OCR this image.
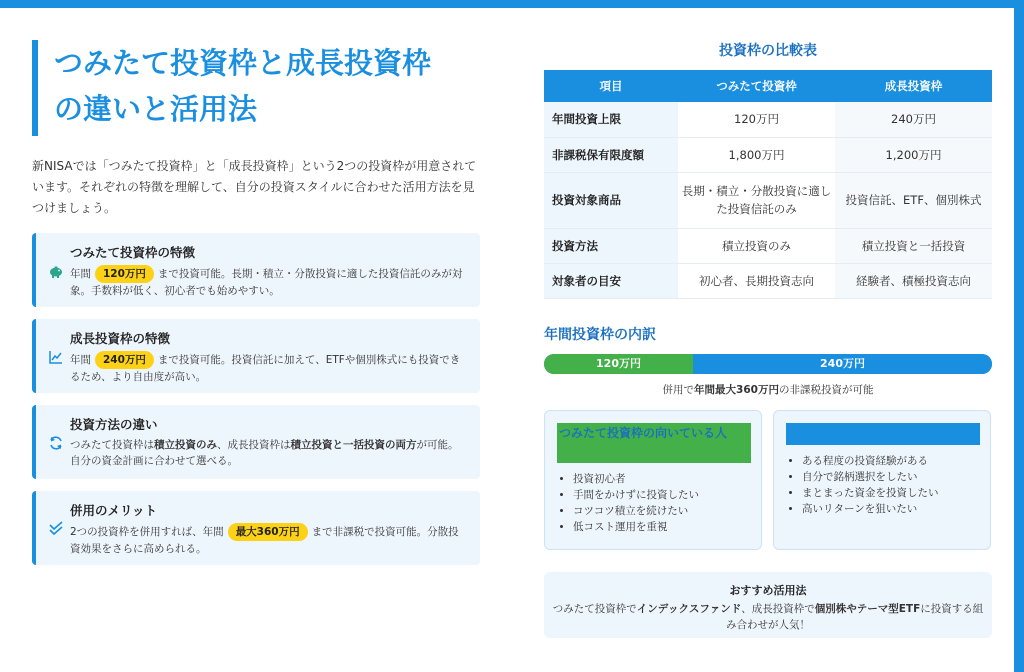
つみたて投資枠と成長投資枠
の違いと活用法

新NISAでは「つみたて投資枠」と「成長投資枠」という2つの投資枠が用意されています。それぞれの特徴を理解して、自分の投資スタイルに合わせた活用方法を見つけましょう。

つみたて投資枠の特徴

年間 120万円 まで投資可能。長期・積立・分散投資に適した投資信託のみが対象。手数料が低く、初心者でも始めやすい。

成長投資枠の特徴

年間 240万円 まで投資可能。投資信託に加えて、ETFや個別株式にも投資できるため、より自由度が高い。

投資方法の違い

つみたて投資枠は積立投資のみ、成長投資枠は積立投資と一括投資の両方が可能。自分の資金計画に合わせて選べる。

併用のメリット

2つの投資枠を併用すれば、年間 最大360万円 まで非課税で投資可能。分散投資効果をさらに高められる。

投資枠の比較表
項目	つみたて投資枠	成長投資枠
年間投資上限	120万円	240万円
非課税保有限度額	1,800万円	1,200万円
投資対象商品	長期・積立・分散投資に適した投資信託のみ	投資信託、ETF、個別株式
投資方法	積立投資のみ	積立投資と一括投資
対象者の目安	初心者、長期投資志向	経験者、積極投資志向
年間投資枠の内訳
120万円	240万円

併用で年間最大360万円の非課税投資が可能

つみたて投資枠の向いている人
• 投資初心者
• 手間をかけずに投資したい
• コツコツ積立を続けたい
• 低コスト運用を重視
• ある程度の投資経験がある
• 自分で銘柄選択をしたい
• まとまった資金を投資したい
• 高いリターンを狙いたい
おすすめ活用法

つみたて投資枠でインデックスファンド、成長投資枠で個別株やテーマ型ETFに投資する組み合わせが人気！
